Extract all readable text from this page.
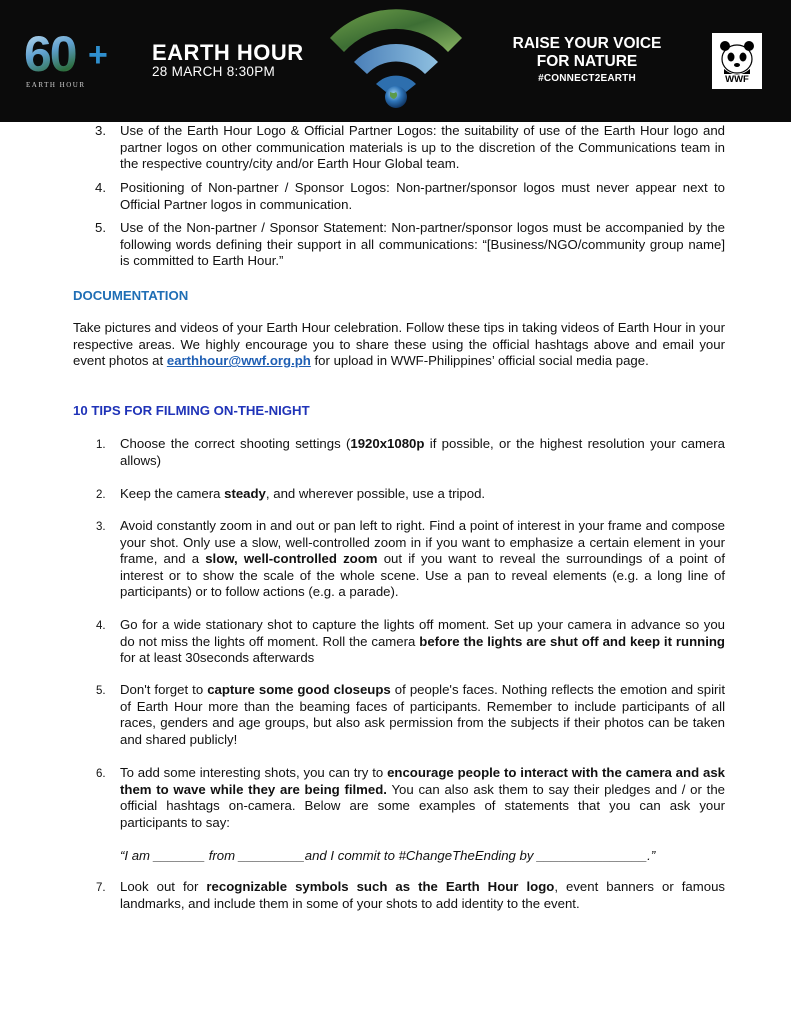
60 +
EARTH HOUR
EARTH HOUR
28 MARCH 8:30PM
RAISE YOUR VOICE
FOR NATURE
#CONNECT2EARTH	WWF
3. Use of the Earth Hour Logo & Official Partner Logos: the suitability of use of the Earth Hour logo and partner logos on other communication materials is up to the discretion of the Communications team in the respective country/city and/or Earth Hour Global team.
4. Positioning of Non-partner / Sponsor Logos: Non-partner/sponsor logos must never appear next to Official Partner logos in communication.
5. Use of the Non-partner / Sponsor Statement: Non-partner/sponsor logos must be accompanied by the following words defining their support in all communications: “[Business/NGO/community group name] is committed to Earth Hour.”
DOCUMENTATION
Take pictures and videos of your Earth Hour celebration. Follow these tips in taking videos of Earth Hour in your respective areas. We highly encourage you to share these using the official hashtags above and email your event photos at earthhour@wwf.org.ph for upload in WWF-Philippines’ official social media page.
10 TIPS FOR FILMING ON-THE-NIGHT
1. Choose the correct shooting settings (1920x1080p if possible, or the highest resolution your camera allows)
2. Keep the camera steady, and wherever possible, use a tripod.
3. Avoid constantly zoom in and out or pan left to right. Find a point of interest in your frame and compose your shot. Only use a slow, well-controlled zoom in if you want to emphasize a certain element in your frame, and a slow, well-controlled zoom out if you want to reveal the surroundings of a point of interest or to show the scale of the whole scene. Use a pan to reveal elements (e.g. a long line of participants) or to follow actions (e.g. a parade).
4. Go for a wide stationary shot to capture the lights off moment. Set up your camera in advance so you do not miss the lights off moment. Roll the camera before the lights are shut off and keep it running for at least 30seconds afterwards
5. Don't forget to capture some good closeups of people's faces. Nothing reflects the emotion and spirit of Earth Hour more than the beaming faces of participants. Remember to include participants of all races, genders and age groups, but also ask permission from the subjects if their photos can be taken and shared publicly!
6. To add some interesting shots, you can try to encourage people to interact with the camera and ask them to wave while they are being filmed. You can also ask them to say their pledges and / or the official hashtags on-camera. Below are some examples of statements that you can ask your participants to say:
“I am _______ from _________and I commit to #ChangeTheEnding by _______________.”
7. Look out for recognizable symbols such as the Earth Hour logo, event banners or famous landmarks, and include them in some of your shots to add identity to the event.
